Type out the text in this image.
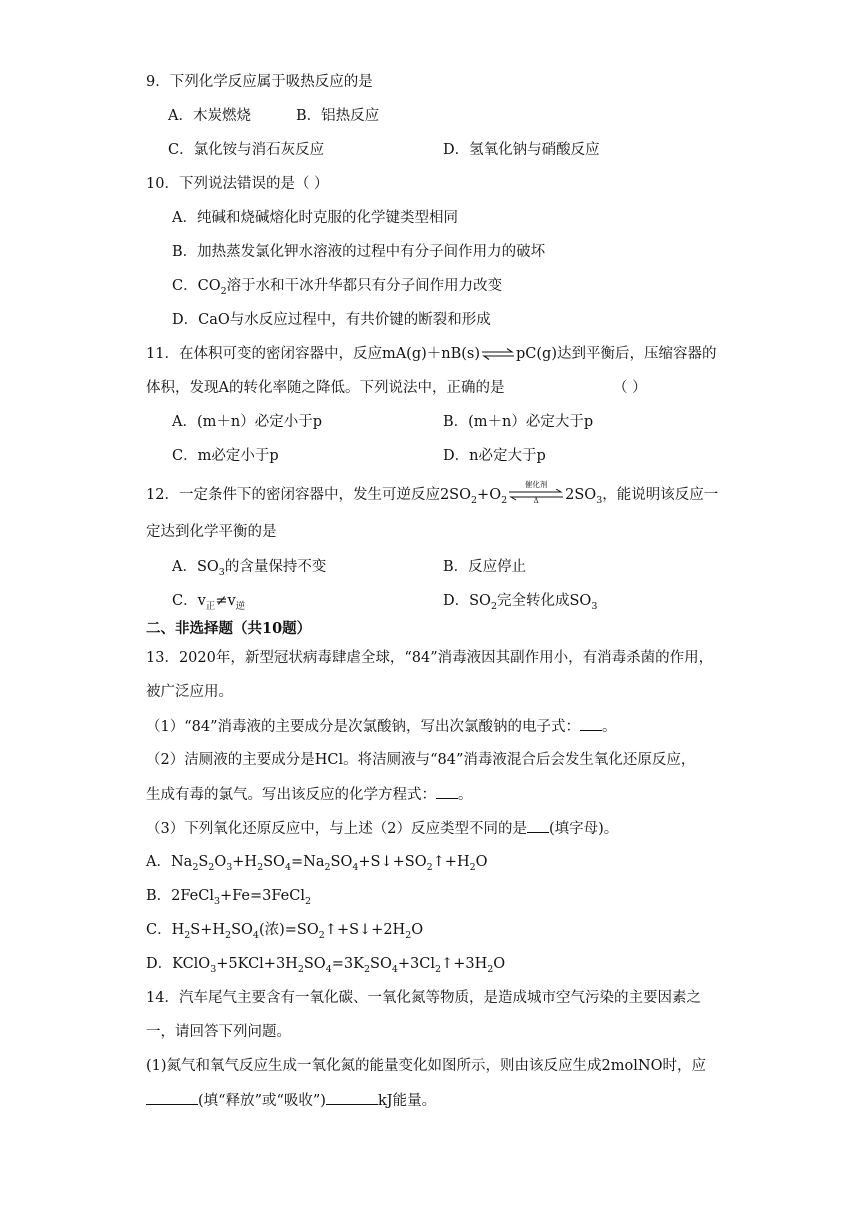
9．下列化学反应属于吸热反应的是
A．木炭燃烧	B．铝热反应
C．氯化铵与消石灰反应	D．氢氧化钠与硝酸反应
10．下列说法错误的是（ ）
A．纯碱和烧碱熔化时克服的化学键类型相同
B．加热蒸发氯化钾水溶液的过程中有分子间作用力的破坏
C．$CO_2$溶于水和干冰升华都只有分子间作用力改变
D．CaO与水反应过程中，有共价键的断裂和形成
11．在体积可变的密闭容器中，反应mA(g)＋nB(s)⇌pC(g)达到平衡后，压缩容器的
体积，发现A的转化率随之降低。下列说法中，正确的是	（ ）
A．(m＋n）必定小于p	B．(m＋n）必定大于p
C．m必定小于p	D．n必定大于p
12．一定条件下的密闭容器中，发生可逆反应$2SO_2+O_2$
催化剂
Δ	$2SO_3$，能说明该反应一
定达到化学平衡的是
A．$SO_3$的含量保持不变	B．反应停止
C．$v_正\ne v_逆$	D．$SO_2$完全转化成$SO_3$
二、非选择题（共10题）
13．2020年，新型冠状病毒肆虐全球，“84”消毒液因其副作用小，有消毒杀菌的作用，
被广泛应用。
（1）“84”消毒液的主要成分是次氯酸钠，写出次氯酸钠的电子式： 。
（2）洁厕液的主要成分是HCl。将洁厕液与“84”消毒液混合后会发生氧化还原反应，
生成有毒的氯气。写出该反应的化学方程式： 。
（3）下列氧化还原反应中，与上述（2）反应类型不同的是 (填字母)。
A．$Na_2S_2O_3+H_2SO_4=Na_2SO_4+S↓+SO_2↑+H_2O$
B．2FeCl$_3$+Fe=3FeCl$_2$
C．$H_2S+H_2SO_4$(浓)$=SO_2↑+S↓+2H_2O$
D．$KClO_3+5KCl+3H_2SO_4=3K_2SO_4+3Cl_2↑+3H_2O$
14．汽车尾气主要含有一氧化碳、一氧化氮等物质，是造成城市空气污染的主要因素之
一，请回答下列问题。
(1)氮气和氧气反应生成一氧化氮的能量变化如图所示，则由该反应生成2molNO时，应
(填“释放”或“吸收”)	kJ能量。
